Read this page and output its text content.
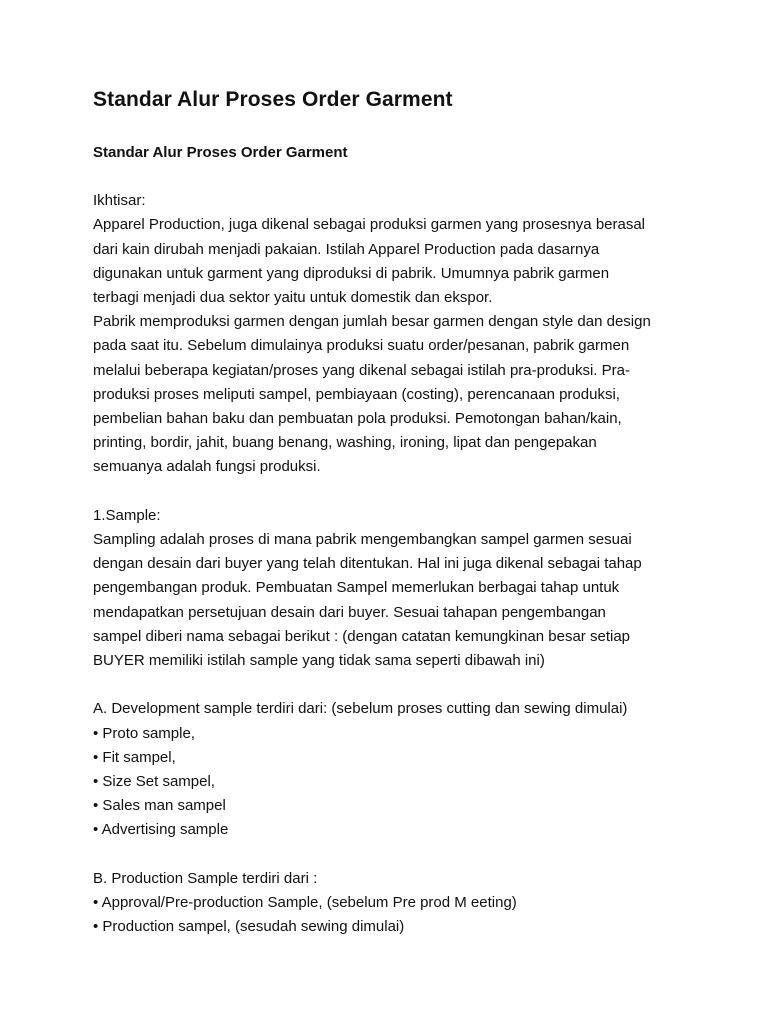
Standar Alur Proses Order Garment
Standar Alur Proses Order Garment

Ikhtisar:

Apparel Production, juga dikenal sebagai produksi garmen yang prosesnya berasal

dari kain dirubah menjadi pakaian. Istilah Apparel Production pada dasarnya

digunakan untuk garment yang diproduksi di pabrik. Umumnya pabrik garmen

terbagi menjadi dua sektor yaitu untuk domestik dan ekspor.

Pabrik memproduksi garmen dengan jumlah besar garmen dengan style dan design

pada saat itu. Sebelum dimulainya produksi suatu order/pesanan, pabrik garmen

melalui beberapa kegiatan/proses yang dikenal sebagai istilah pra-produksi. Pra-

produksi proses meliputi sampel, pembiayaan (costing), perencanaan produksi,

pembelian bahan baku dan pembuatan pola produksi. Pemotongan bahan/kain,

printing, bordir, jahit, buang benang, washing, ironing, lipat dan pengepakan

semuanya adalah fungsi produksi.

1.Sample:

Sampling adalah proses di mana pabrik mengembangkan sampel garmen sesuai

dengan desain dari buyer yang telah ditentukan. Hal ini juga dikenal sebagai tahap

pengembangan produk. Pembuatan Sampel memerlukan berbagai tahap untuk

mendapatkan persetujuan desain dari buyer. Sesuai tahapan pengembangan

sampel diberi nama sebagai berikut : (dengan catatan kemungkinan besar setiap

BUYER memiliki istilah sample yang tidak sama seperti dibawah ini)

A. Development sample terdiri dari: (sebelum proses cutting dan sewing dimulai)

• Proto sample,

• Fit sampel,

• Size Set sampel,

• Sales man sampel

• Advertising sample

B. Production Sample terdiri dari :

• Approval/Pre-production Sample, (sebelum Pre prod M eeting)

• Production sampel, (sesudah sewing dimulai)
